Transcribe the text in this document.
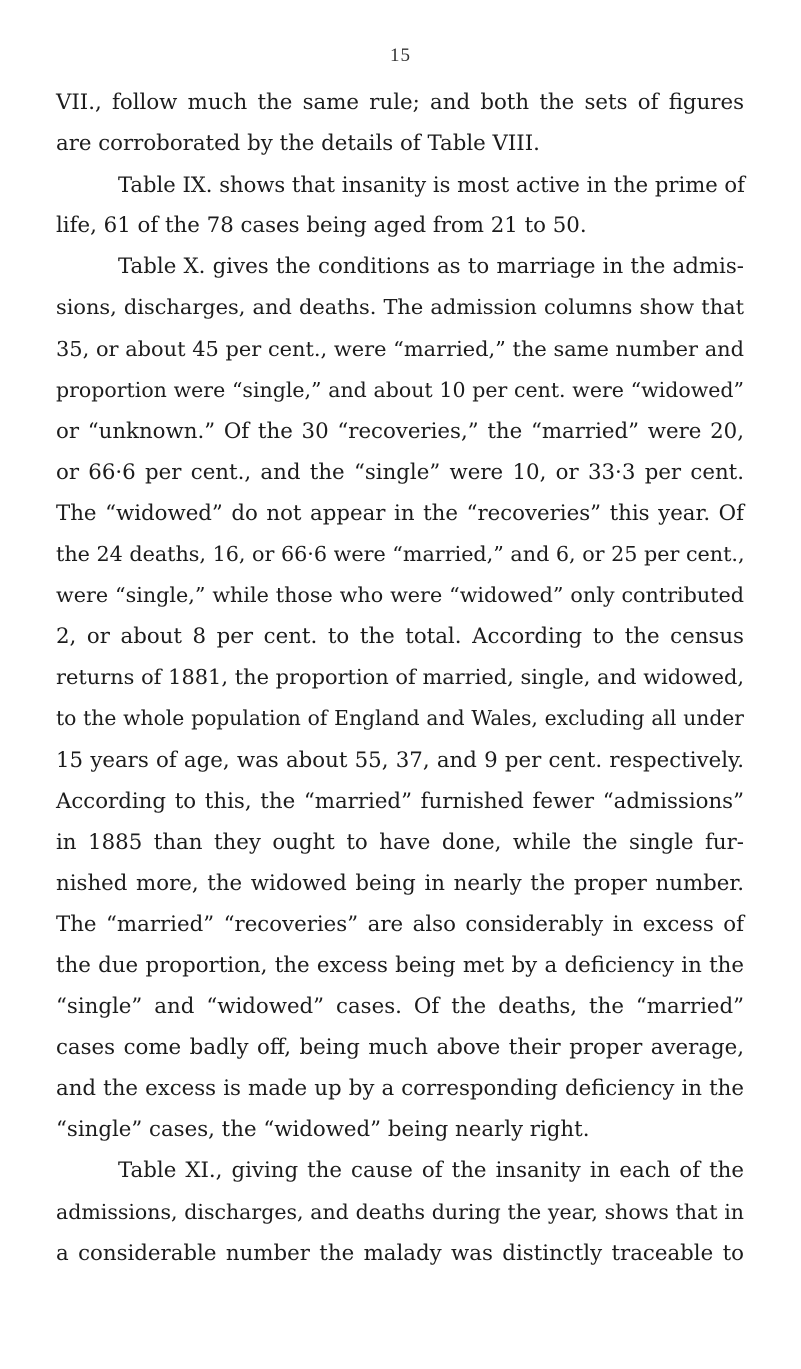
15
VII., follow much the same rule; and both the sets of figures
are corroborated by the details of Table VIII.
Table IX. shows that insanity is most active in the prime of
life, 61 of the 78 cases being aged from 21 to 50.
Table X. gives the conditions as to marriage in the admis-
sions, discharges, and deaths. The admission columns show that
35, or about 45 per cent., were “married,” the same number and
proportion were “single,” and about 10 per cent. were “widowed”
or “unknown.” Of the 30 “recoveries,” the “married” were 20,
or 66·6 per cent., and the “single” were 10, or 33·3 per cent.
The “widowed” do not appear in the “recoveries” this year. Of
the 24 deaths, 16, or 66·6 were “married,” and 6, or 25 per cent.,
were “single,” while those who were “widowed” only contributed
2, or about 8 per cent. to the total. According to the census
returns of 1881, the proportion of married, single, and widowed,
to the whole population of England and Wales, excluding all under
15 years of age, was about 55, 37, and 9 per cent. respectively.
According to this, the “married” furnished fewer “admissions”
in 1885 than they ought to have done, while the single fur-
nished more, the widowed being in nearly the proper number.
The “married” “recoveries” are also considerably in excess of
the due proportion, the excess being met by a deficiency in the
“single” and “widowed” cases. Of the deaths, the “married”
cases come badly off, being much above their proper average,
and the excess is made up by a corresponding deficiency in the
“single” cases, the “widowed” being nearly right.
Table XI., giving the cause of the insanity in each of the
admissions, discharges, and deaths during the year, shows that in
a considerable number the malady was distinctly traceable to
